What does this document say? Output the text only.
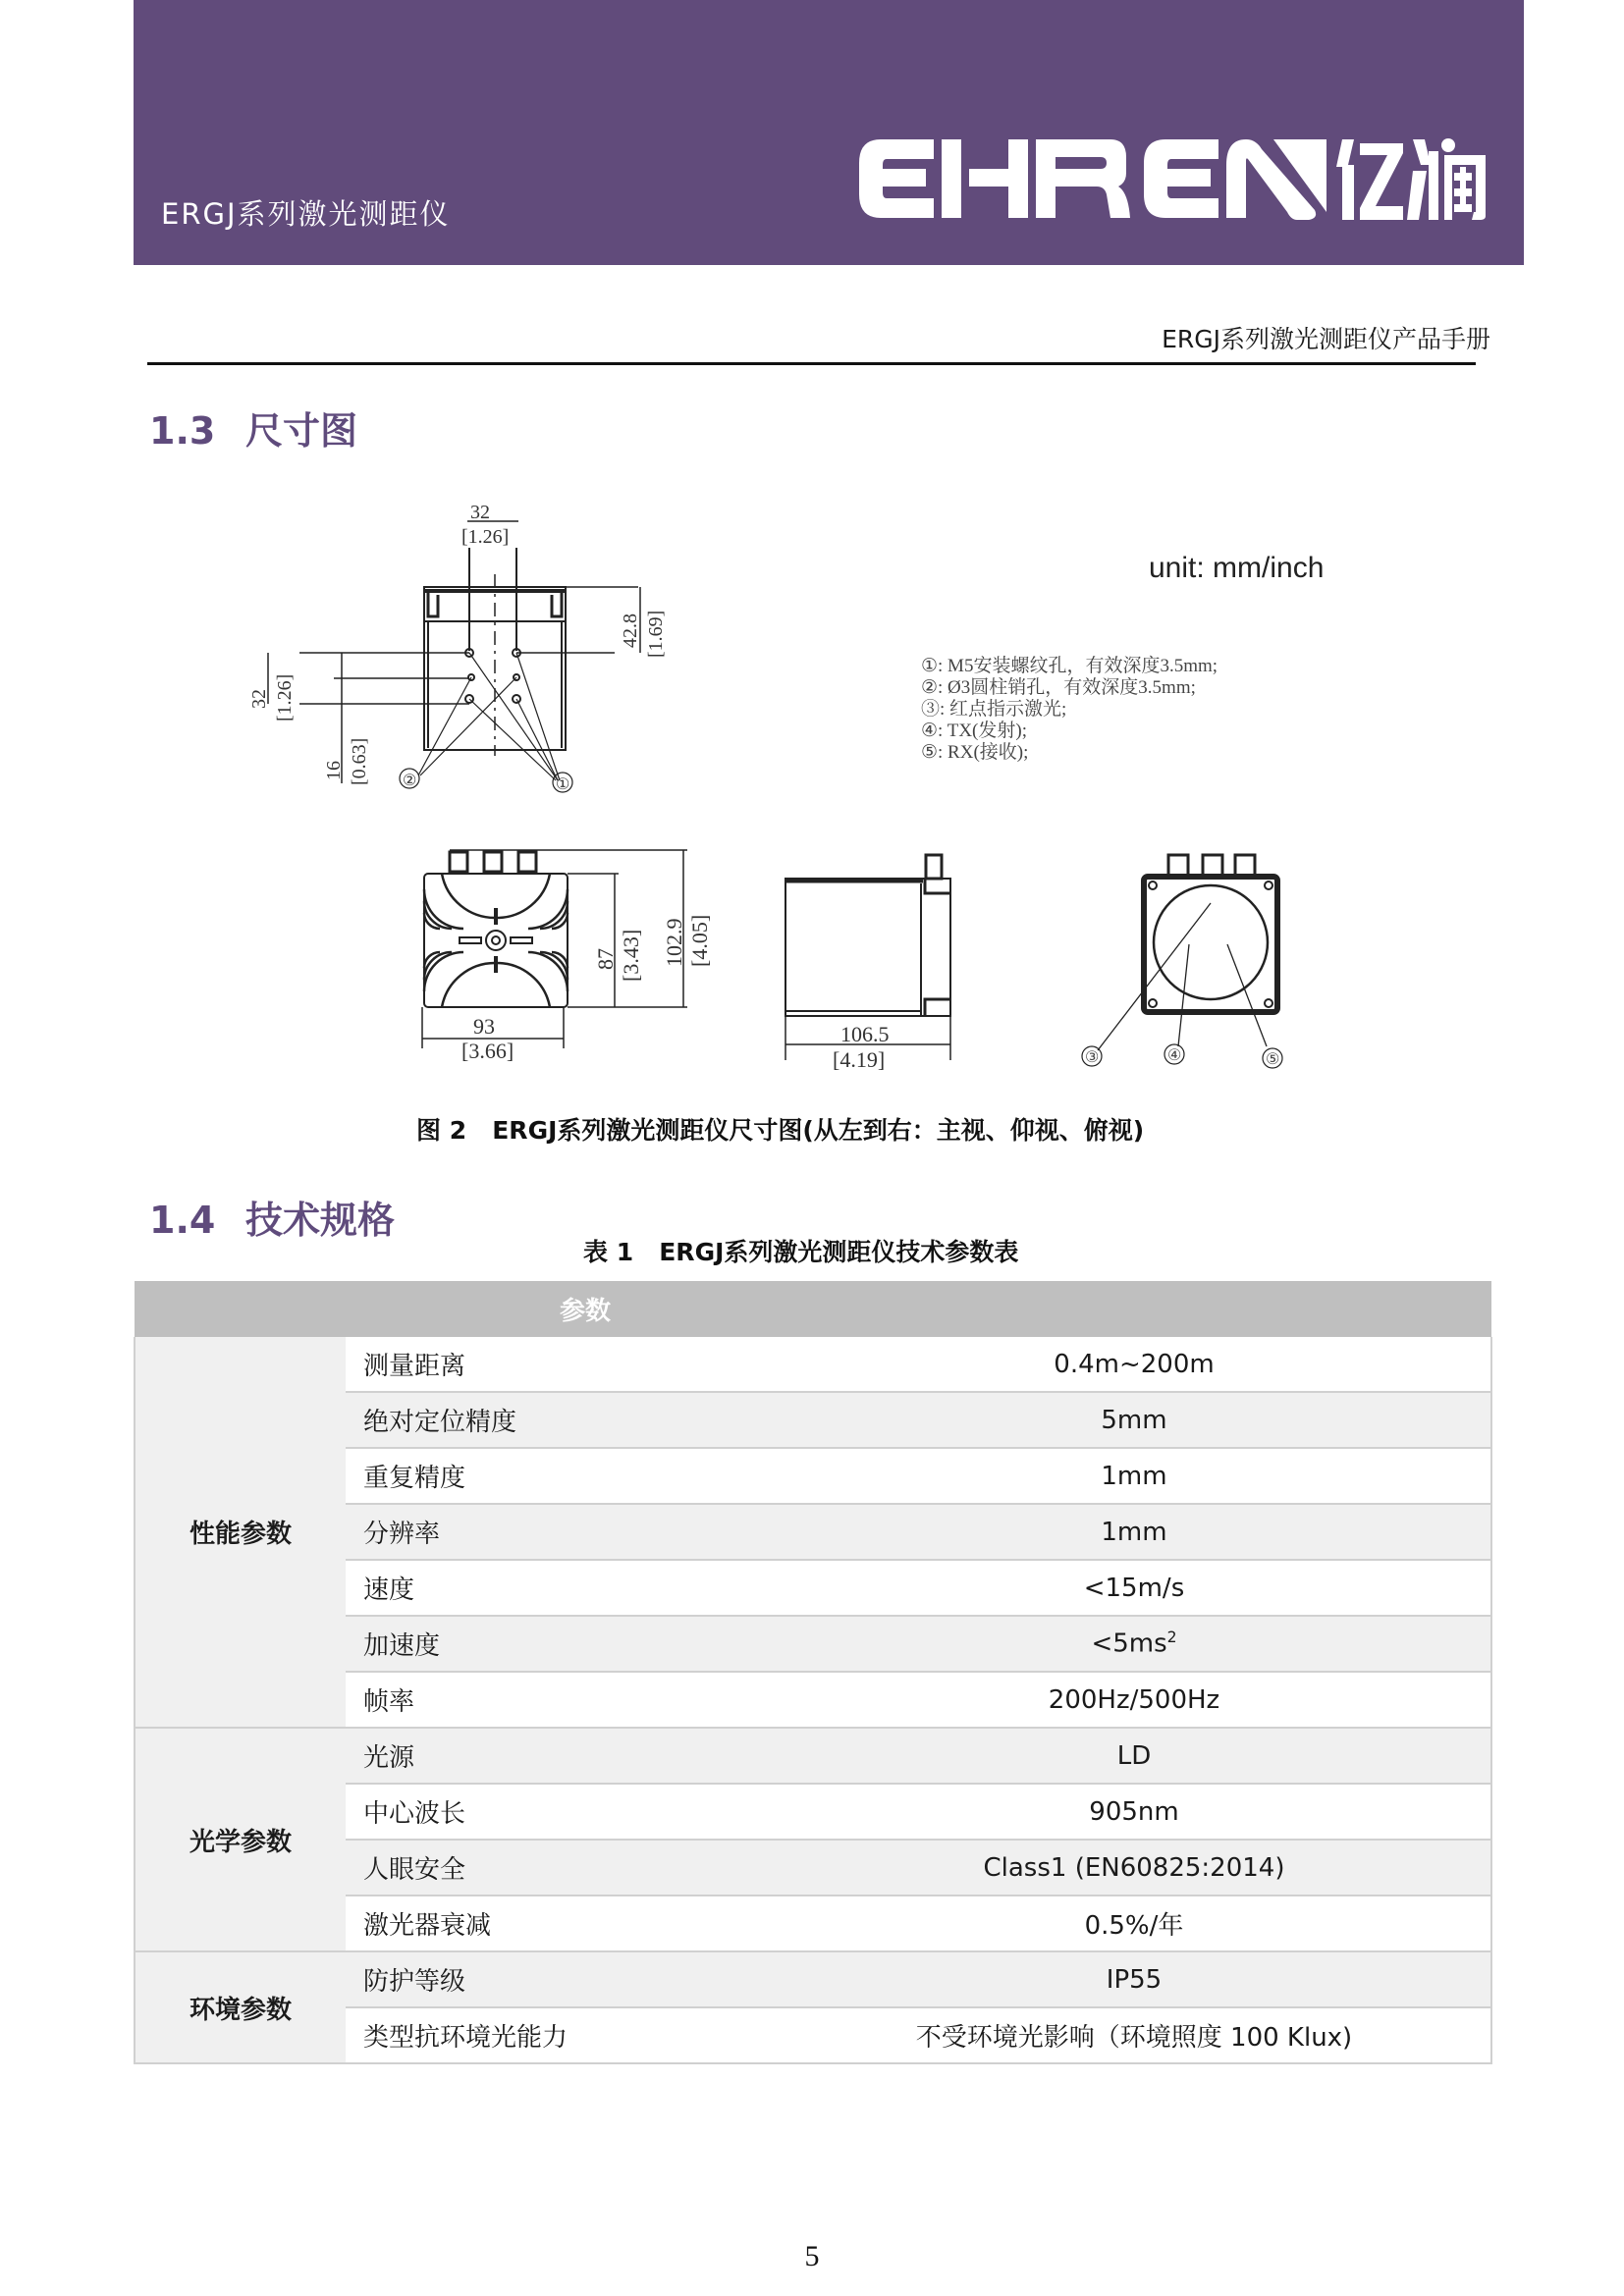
ERGJ系列激光测距仪
ERGJ系列激光测距仪产品手册
1.3 尺寸图
32
[1.26]
42.8 [1.69]
32 [1.26]
16 [0.63] ②	①
unit: mm/inch
①: M5安装螺纹孔，有效深度3.5mm;
②: Ø3圆柱销孔，有效深度3.5mm;
③: 红点指示激光;
④: TX(发射);
⑤: RX(接收);
93
[3.66]
87 [3.43] 102.9 [4.05]
106.5
[4.19]	③	④	⑤
图 2 ERGJ系列激光测距仪尺寸图(从左到右：主视、仰视、俯视)
1.4 技术规格
表 1 ERGJ系列激光测距仪技术参数表
		参数
性能参数	测量距离	0.4m~200m
	绝对定位精度	5mm
	重复精度	1mm
	分辨率	1mm
	速度	<15m/s
	加速度	$<5ms^2$
	帧率	200Hz/500Hz
光学参数	光源	LD
	中心波长	905nm
	人眼安全	Class1 (EN60825:2014)
	激光器衰减	0.5%/年
环境参数	防护等级	IP55
	类型抗环境光能力	不受环境光影响（环境照度 100 Klux)
5
